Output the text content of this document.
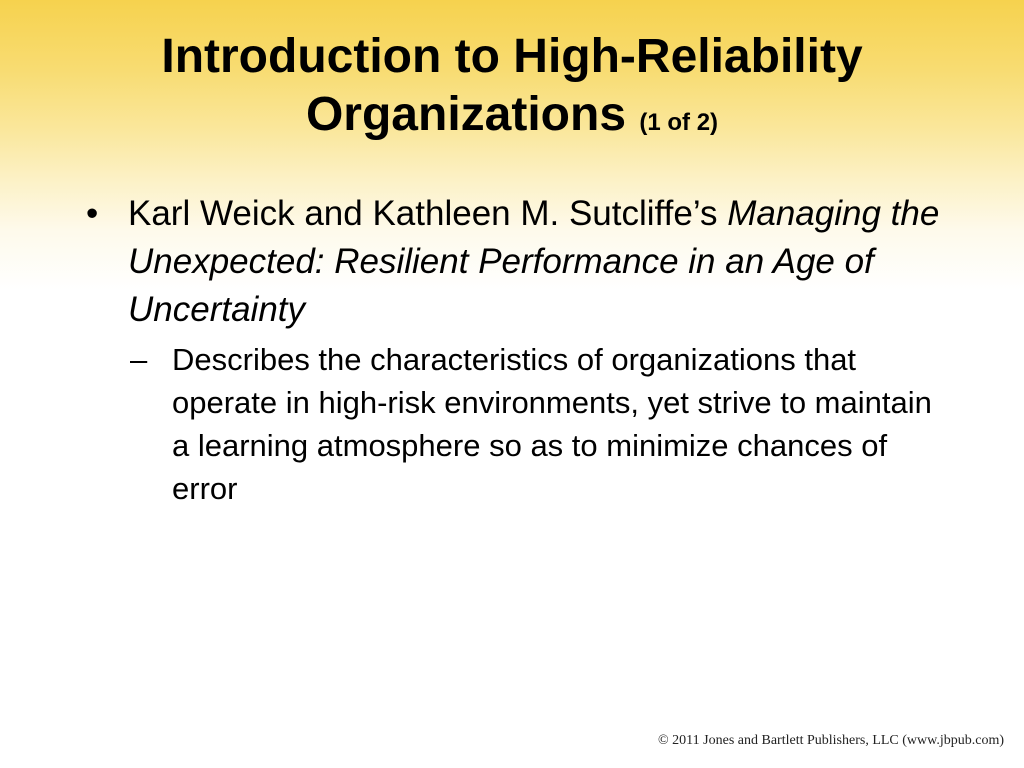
Introduction to High-Reliability Organizations (1 of 2)
• Karl Weick and Kathleen M. Sutcliffe’s Managing the Unexpected: Resilient Performance in an Age of Uncertainty
– Describes the characteristics of organizations that operate in high-risk environments, yet strive to maintain a learning atmosphere so as to minimize chances of error
© 2011 Jones and Bartlett Publishers, LLC (www.jbpub.com)
